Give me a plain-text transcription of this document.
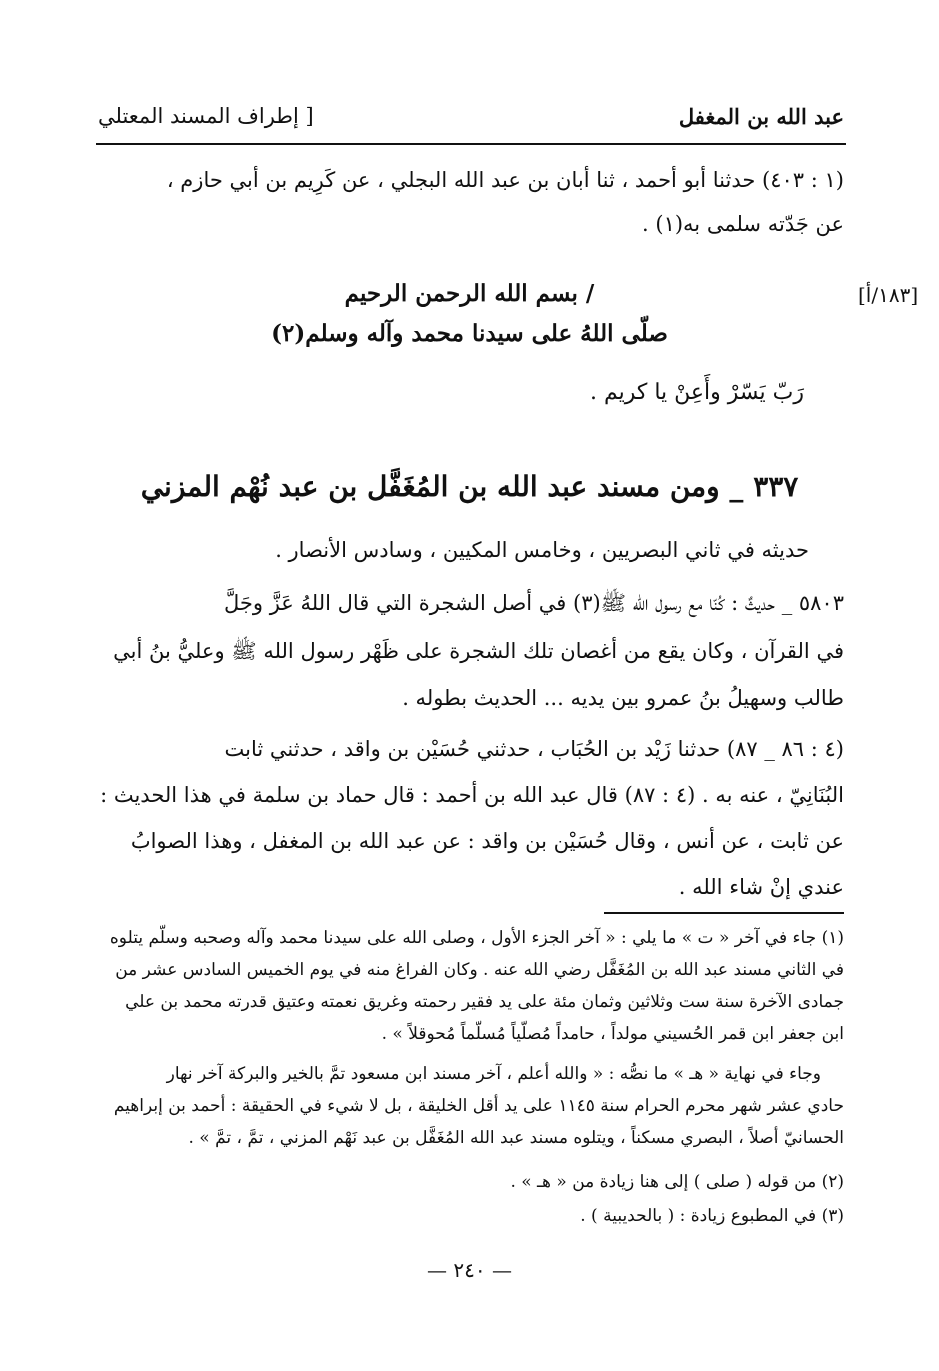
عبد الله بن المغفل
[ إطراف المسند المعتلي
(١ : ٤٠٣) حدثنا أبو أحمد ، ثنا أبان بن عبد الله البجلي ، عن كَرِيم بن أبي حازم ،
عن جَدّته سلمى به(١) .
[١٨٣/أ]
/ بسم الله الرحمن الرحيم
صلّى اللهُ على سيدنا محمد وآله وسلم(٢)
رَبّ يَسّرْ وأَعِنْ يا كريم .
٣٣٧ _ ومن مسند عبد الله بن المُغَفَّل بن عبد نُهْم المزني
حديثه في ثاني البصريين ، وخامس المكيين ، وسادس الأنصار .
٥٨٠٣ _ حديثٌ : كُنّا مع رسول الله ﷺ(٣) في أصل الشجرة التي قال اللهُ عَزَّ وجَلَّ
في القرآن ، وكان يقع من أغصان تلك الشجرة على ظَهْر رسول الله ﷺ وعليُّ بنُ أبي
طالب وسهيلُ بنُ عمرو بين يديه ... الحديث بطوله .
(٤ : ٨٦ _ ٨٧) حدثنا زَيْد بن الحُبَاب ، حدثني حُسَيْن بن واقد ، حدثني ثابت
البُنَانِيّ ، عنه به . (٤ : ٨٧) قال عبد الله بن أحمد : قال حماد بن سلمة في هذا الحديث :
عن ثابت ، عن أنس ، وقال حُسَيْن بن واقد : عن عبد الله بن المغفل ، وهذا الصوابُ
عندي إنْ شاء الله .
(١) جاء في آخر « ت » ما يلي : « آخر الجزء الأول ، وصلى الله على سيدنا محمد وآله وصحبه وسلّم يتلوه
في الثاني مسند عبد الله بن المُغَفَّل رضي الله عنه . وكان الفراغ منه في يوم الخميس السادس عشر من
جمادى الآخرة سنة ست وثلاثين وثمان مئة على يد فقير رحمته وغريق نعمته وعتيق قدرته محمد بن علي
ابن جعفر ابن قمر الحُسيني مولداً ، حامداً مُصلّياً مُسلّماً مُحوقلاً » .
وجاء في نهاية « هـ » ما نصُّه : « والله أعلم ، آخر مسند ابن مسعود تمَّ بالخير والبركة آخر نهار
حادي عشر شهر محرم الحرام سنة ١١٤٥ على يد أقل الخليقة ، بل لا شيء في الحقيقة : أحمد بن إبراهيم
الحسانيّ أصلاً ، البصري مسكناً ، ويتلوه مسند عبد الله المُغَفَّل بن عبد نَهْم المزني ، تمَّ ، تمَّ » .
(٢) من قوله ( صلى ) إلى هنا زيادة من « هـ » .
(٣) في المطبوع زيادة : ( بالحديبية ) .
— ٢٤٠ —
